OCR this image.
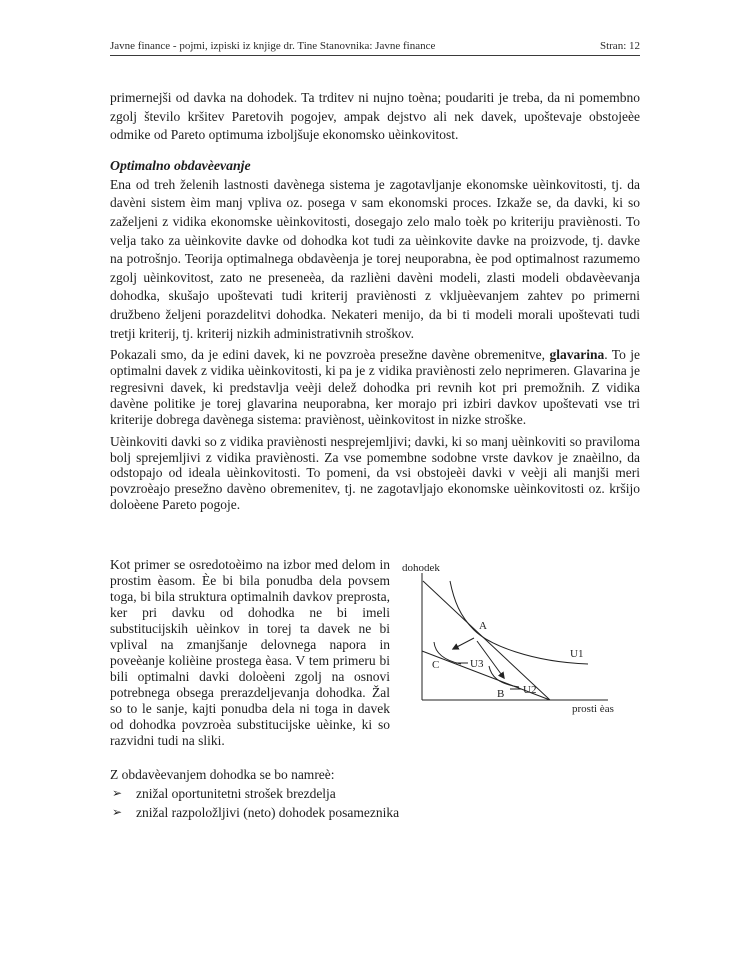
Javne finance - pojmi, izpiski iz knjige dr. Tine Stanovnika: Javne finance	Stran: 12

primernejši od davka na dohodek. Ta trditev ni nujno toèna; poudariti je treba, da ni pomembno zgolj število kršitev Paretovih pogojev, ampak dejstvo ali nek davek, upoštevaje obstojeèe odmike od Pareto optimuma izboljšuje ekonomsko uèinkovitost.

Optimalno obdavèevanje

Ena od treh želenih lastnosti davènega sistema je zagotavljanje ekonomske uèinkovitosti, tj. da davèni sistem èim manj vpliva oz. posega v sam ekonomski proces. Izkaže se, da davki, ki so zaželjeni z vidika ekonomske uèinkovitosti, dosegajo zelo malo toèk po kriteriju praviènosti. To velja tako za uèinkovite davke od dohodka kot tudi za uèinkovite davke na proizvode, tj. davke na potrošnjo. Teorija optimalnega obdavèenja je torej neuporabna, èe pod optimalnost razumemo zgolj uèinkovitost, zato ne preseneèa, da razlièni davèni modeli, zlasti modeli obdavèevanja dohodka, skušajo upoštevati tudi kriterij praviènosti z vkljuèevanjem zahtev po primerni družbeno željeni porazdelitvi dohodka. Nekateri menijo, da bi ti modeli morali upoštevati tudi tretji kriterij, tj. kriterij nizkih administrativnih stroškov.

Pokazali smo, da je edini davek, ki ne povzroèa presežne davène obremenitve, glavarina. To je optimalni davek z vidika uèinkovitosti, ki pa je z vidika praviènosti zelo neprimeren. Glavarina je regresivni davek, ki predstavlja veèji delež dohodka pri revnih kot pri premožnih. Z vidika davène politike je torej glavarina neuporabna, ker morajo pri izbiri davkov upoštevati vse tri kriterije dobrega davènega sistema: praviènost, uèinkovitost in nizke stroške.

Uèinkoviti davki so z vidika praviènosti nesprejemljivi; davki, ki so manj uèinkoviti so praviloma bolj sprejemljivi z vidika praviènosti. Za vse pomembne sodobne vrste davkov je znaèilno, da odstopajo od ideala uèinkovitosti. To pomeni, da vsi obstojeèi davki v veèji ali manjši meri povzroèajo presežno davèno obremenitev, tj. ne zagotavljajo ekonomske uèinkovitosti oz. kršijo doloèene Pareto pogoje.

dohodek
prosti èas
A
C
B
U1
U3
U2
Kot primer se osredotoèimo na izbor med delom in prostim èasom. Èe bi bila ponudba dela povsem toga, bi bila struktura optimalnih davkov preprosta, ker pri davku od dohodka ne bi imeli substitucijskih uèinkov in torej ta davek ne bi vplival na zmanjšanje delovnega napora in poveèanje kolièine prostega èasa. V tem primeru bi bili optimalni davki doloèeni zgolj na osnovi potrebnega obsega prerazdeljevanja dohodka. Žal so to le sanje, kajti ponudba dela ni toga in davek od dohodka povzroèa substitucijske uèinke, ki so razvidni tudi na sliki.

Z obdavèevanjem dohodka se bo namreè:

➢	znižal oportunitetni strošek brezdelja
➢	znižal razpoložljivi (neto) dohodek posameznika
